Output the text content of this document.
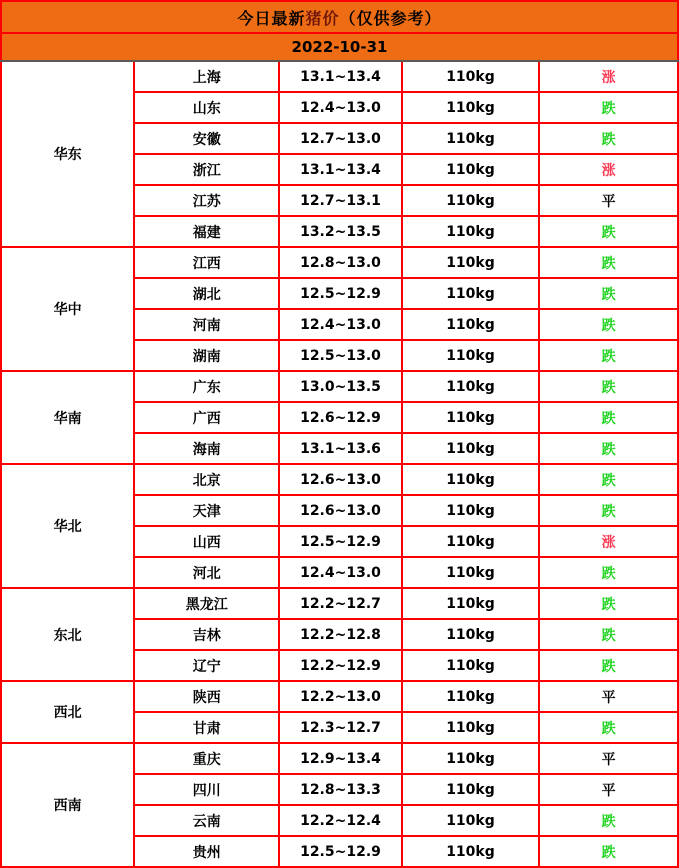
今日最新猪价（仅供参考）				
2022-10-31				
华东	上海	13.1~13.4	110kg	涨
	山东	12.4~13.0	110kg	跌
	安徽	12.7~13.0	110kg	跌
	浙江	13.1~13.4	110kg	涨
	江苏	12.7~13.1	110kg	平
	福建	13.2~13.5	110kg	跌
华中	江西	12.8~13.0	110kg	跌
	湖北	12.5~12.9	110kg	跌
	河南	12.4~13.0	110kg	跌
	湖南	12.5~13.0	110kg	跌
华南	广东	13.0~13.5	110kg	跌
	广西	12.6~12.9	110kg	跌
	海南	13.1~13.6	110kg	跌
华北	北京	12.6~13.0	110kg	跌
	天津	12.6~13.0	110kg	跌
	山西	12.5~12.9	110kg	涨
	河北	12.4~13.0	110kg	跌
东北	黑龙江	12.2~12.7	110kg	跌
	吉林	12.2~12.8	110kg	跌
	辽宁	12.2~12.9	110kg	跌
西北	陕西	12.2~13.0	110kg	平
	甘肃	12.3~12.7	110kg	跌
西南	重庆	12.9~13.4	110kg	平
	四川	12.8~13.3	110kg	平
	云南	12.2~12.4	110kg	跌
	贵州	12.5~12.9	110kg	跌
